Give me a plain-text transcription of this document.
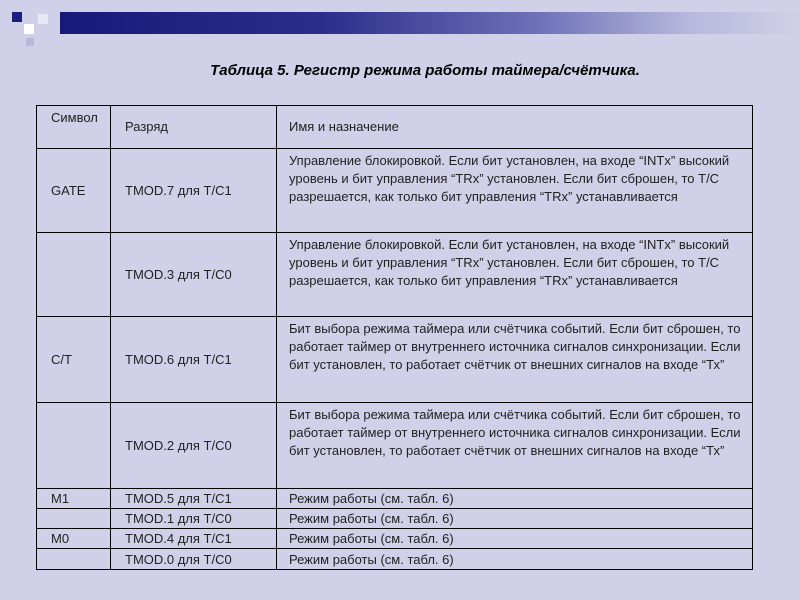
Таблица 5. Регистр режима работы таймера/счётчика.
Символ	Разряд	Имя и назначение
GATE	TMOD.7 для Т/С1	Управление блокировкой. Если бит установлен, на входе “INTx” высокий уровень и бит управления “TRx” установлен. Если бит сброшен, то Т/С разрешается, как только бит управления “TRx” устанавливается

	TMOD.3 для Т/С0	Управление блокировкой. Если бит установлен, на входе “INTx” высокий уровень и бит управления “TRx” установлен. Если бит сброшен, то Т/С разрешается, как только бит управления “TRx” устанавливается

С/Т	TMOD.6 для Т/С1	Бит выбора режима таймера или счётчика событий. Если бит сброшен, то работает таймер от внутреннего источника сигналов синхронизации. Если бит установлен, то работает счётчик от внешних сигналов на входе “Тх”

	TMOD.2 для Т/С0	Бит выбора режима таймера или счётчика событий. Если бит сброшен, то работает таймер от внутреннего источника сигналов синхронизации. Если бит установлен, то работает счётчик от внешних сигналов на входе “Тх”

М1	TMOD.5 для Т/С1	Режим работы (см. табл. 6)

	TMOD.1 для Т/С0	Режим работы (см. табл. 6)

М0	TMOD.4 для Т/С1	Режим работы (см. табл. 6)

	TMOD.0 для Т/С0	Режим работы (см. табл. 6)
